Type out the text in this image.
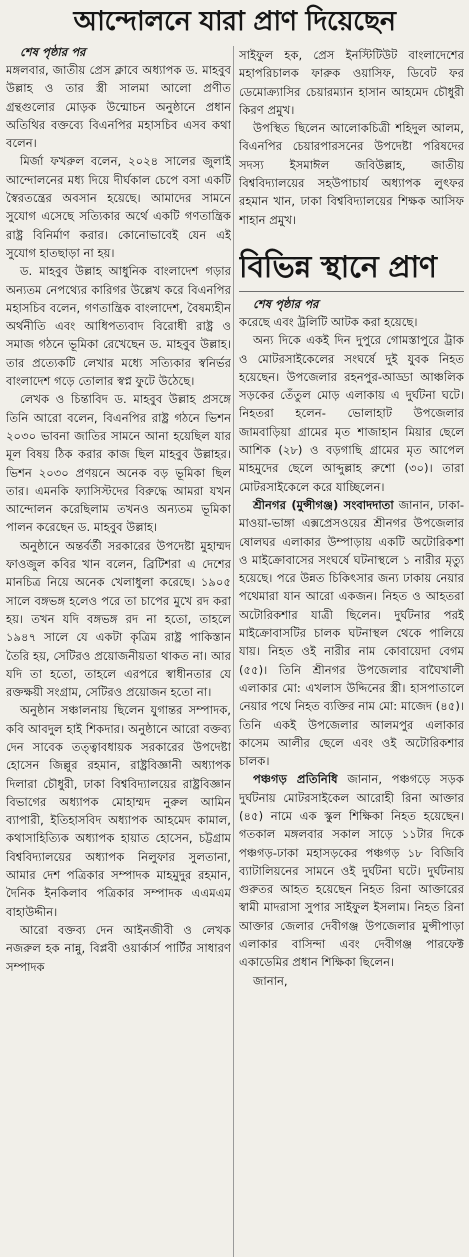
আন্দোলনে যারা প্রাণ দিয়েছেন

শেষ পৃষ্ঠার পর

মঙ্গলবার, জাতীয় প্রেস ক্লাবে অধ্যাপক ড. মাহবুব উল্লাহ ও তার স্ত্রী সালমা আলো প্রণীত গ্রন্থগুলোর মোড়ক উন্মোচন অনুষ্ঠানে প্রধান অতিথির বক্তব্যে বিএনপির মহাসচিব এসব কথা বলেন।

মির্জা ফখরুল বলেন, ২০২৪ সালের জুলাই আন্দোলনের মধ্য দিয়ে দীর্ঘকাল চেপে বসা একটি স্বৈরতন্ত্রের অবসান হয়েছে। আমাদের সামনে সুযোগ এসেছে সত্যিকার অর্থে একটি গণতান্ত্রিক রাষ্ট্র বিনির্মাণ করার। কোনোভাবেই যেন এই সুযোগ হাতছাড়া না হয়।

ড. মাহবুব উল্লাহ আধুনিক বাংলাদেশ গড়ার অন্যতম নেপথ্যের কারিগর উল্লেখ করে বিএনপির মহাসচিব বলেন, গণতান্ত্রিক বাংলাদেশ, বৈষম্যহীন অর্থনীতি এবং আধিপত্যবাদ বিরোধী রাষ্ট্র ও সমাজ গঠনে ভূমিকা রেখেছেন ড. মাহবুব উল্লাহ। তার প্রত্যেকটি লেখার মধ্যে সত্যিকার স্বনির্ভর বাংলাদেশ গড়ে তোলার স্বপ্ন ফুটে উঠেছে।

লেখক ও চিন্তাবিদ ড. মাহবুব উল্লাহ প্রসঙ্গে তিনি আরো বলেন, বিএনপির রাষ্ট্র গঠনে ভিশন ২০৩০ ভাবনা জাতির সামনে আনা হয়েছিল যার মূল বিষয় ঠিক করার কাজ ছিল মাহবুব উল্লাহর। ভিশন ২০৩০ প্রণয়নে অনেক বড় ভূমিকা ছিল তার। এমনকি ফ্যাসিস্টদের বিরুদ্ধে আমরা যখন আন্দোলন করেছিলাম তখনও অন্যতম ভূমিকা পালন করেছেন ড. মাহবুব উল্লাহ।

অনুষ্ঠানে অন্তর্বর্তী সরকারের উপদেষ্টা মুহাম্মদ ফাওজুল কবির খান বলেন, ব্রিটিশরা এ দেশের মানচিত্র নিয়ে অনেক খেলাধুলা করেছে। ১৯০৫ সালে বঙ্গভঙ্গ হলেও পরে তা চাপের মুখে রদ করা হয়। তখন যদি বঙ্গভঙ্গ রদ না হতো, তাহলে ১৯৪৭ সালে যে একটা কৃত্রিম রাষ্ট্র পাকিস্তান তৈরি হয়, সেটিরও প্রয়োজনীয়তা থাকত না। আর যদি তা হতো, তাহলে এরপরে স্বাধীনতার যে রক্তক্ষয়ী সংগ্রাম, সেটিরও প্রয়োজন হতো না।

অনুষ্ঠান সঞ্চালনায় ছিলেন যুগান্তর সম্পাদক, কবি আবদুল হাই শিকদার। অনুষ্ঠানে আরো বক্তব্য দেন সাবেক তত্ত্বাবধায়ক সরকারের উপদেষ্টা হোসেন জিল্লুর রহমান, রাষ্ট্রবিজ্ঞানী অধ্যাপক দিলারা চৌধুরী, ঢাকা বিশ্ববিদ্যালয়ের রাষ্ট্রবিজ্ঞান বিভাগের অধ্যাপক মোহাম্মদ নুরুল আমিন ব্যাপারী, ইতিহাসবিদ অধ্যাপক আহমেদ কামাল, কথাসাহিত্যিক অধ্যাপক হায়াত হোসেন, চট্টগ্রাম বিশ্ববিদ্যালয়ের অধ্যাপক নিলুফার সুলতানা, আমার দেশ পত্রিকার সম্পাদক মাহমুদুর রহমান, দৈনিক ইনকিলাব পত্রিকার সম্পাদক এএমএম বাহাউদ্দীন।

আরো বক্তব্য দেন আইনজীবী ও লেখক নজরুল হক নান্নু, বিপ্লবী ওয়ার্কার্স পার্টির সাধারণ সম্পাদক

সাইফুল হক, প্রেস ইনস্টিটিউট বাংলাদেশের মহাপরিচালক ফারুক ওয়াসিফ, ডিবেট ফর ডেমোক্র্যাসির চেয়ারম্যান হাসান আহমেদ চৌধুরী কিরণ প্রমুখ।

উপস্থিত ছিলেন আলোকচিত্রী শহিদুল আলম, বিএনপির চেয়ারপারসনের উপদেষ্টা পরিষদের সদস্য ইসমাঈল জবিউল্লাহ, জাতীয় বিশ্ববিদ্যালয়ের সহউপাচার্য অধ্যাপক লুৎফর রহমান খান, ঢাকা বিশ্ববিদ্যালয়ের শিক্ষক আসিফ শাহান প্রমুখ।

বিভিন্ন স্থানে প্রাণ

শেষ পৃষ্ঠার পর

করেছে এবং ট্রলিটি আটক করা হয়েছে।

অন্য দিকে একই দিন দুপুরে গোমস্তাপুরে ট্রাক ও মোটরসাইকেলের সংঘর্ষে দুই যুবক নিহত হয়েছেন। উপজেলার রহনপুর-আড্ডা আঞ্চলিক সড়কের তেঁতুল মোড় এলাকায় এ দুর্ঘটনা ঘটে। নিহতরা হলেন- ভোলাহাট উপজেলার জামবাড়িয়া গ্রামের মৃত শাজাহান মিয়ার ছেলে আশিক (২৮) ও বড়গাছি গ্রামের মৃত আপেল মাহমুদের ছেলে আব্দুল্লাহ রুশো (৩০)। তারা মোটরসাইকেলে করে যাচ্ছিলেন।

শ্রীনগর (মুন্সীগঞ্জ) সংবাদদাতা জানান, ঢাকা-মাওয়া-ভাঙ্গা এক্সপ্রেসওয়ের শ্রীনগর উপজেলার ষোলঘর এলাকার উম্পাড়ায় একটি অটোরিকশা ও মাইক্রোবাসের সংঘর্ষে ঘটনাস্থলে ১ নারীর মৃত্যু হয়েছে। পরে উন্নত চিকিৎসার জন্য ঢাকায় নেয়ার পথেমারা যান আরো একজন। নিহত ও আহতরা অটোরিকশার যাত্রী ছিলেন। দুর্ঘটনার পরই মাইক্রোবাসটির চালক ঘটনাস্থল থেকে পালিয়ে যায়। নিহত ওই নারীর নাম কোবায়েদা বেগম (৫৫)। তিনি শ্রীনগর উপজেলার বাঘৈখালী এলাকার মো: এখলাস উদ্দিনের স্ত্রী। হাসপাতালে নেয়ার পথে নিহত ব্যক্তির নাম মো: মাজেদ (৪৫)। তিনি একই উপজেলার আলমপুর এলাকার কাসেম আলীর ছেলে এবং ওই অটোরিকশার চালক।

পঞ্চগড় প্রতিনিধি জানান, পঞ্চগড়ে সড়ক দুর্ঘটনায় মোটরসাইকেল আরোহী রিনা আক্তার (৪৫) নামে এক স্কুল শিক্ষিকা নিহত হয়েছেন। গতকাল মঙ্গলবার সকাল সাড়ে ১১টার দিকে পঞ্চগড়-ঢাকা মহাসড়কের পঞ্চগড় ১৮ বিজিবি ব্যাটালিয়নের সামনে ওই দুর্ঘটনা ঘটে। দুর্ঘটনায় গুরুতর আহত হয়েছেন নিহত রিনা আক্তারের স্বামী মাদরাসা সুপার সাইফুল ইসলাম। নিহত রিনা আক্তার জেলার দেবীগঞ্জ উপজেলার মুন্সীপাড়া এলাকার বাসিন্দা এবং দেবীগঞ্জ পারফেক্ট একাডেমির প্রধান শিক্ষিকা ছিলেন।

জানান,
